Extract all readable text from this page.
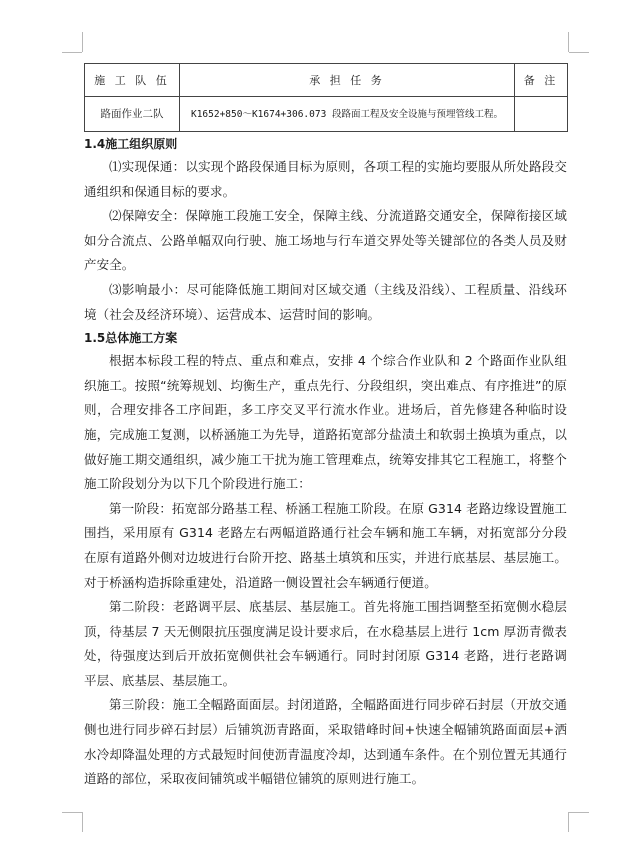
施 工 队 伍	承 担 任 务	备 注
路面作业二队	K1652+850～K1674+306.073 段路面工程及安全设施与预埋管线工程。	
1.4施工组织原则

⑴实现保通：以实现个路段保通目标为原则，各项工程的实施均要服从所处路段交通组织和保通目标的要求。

⑵保障安全：保障施工段施工安全，保障主线、分流道路交通安全，保障衔接区域如分合流点、公路单幅双向行驶、施工场地与行车道交界处等关键部位的各类人员及财产安全。

⑶影响最小：尽可能降低施工期间对区域交通（主线及沿线）、工程质量、沿线环境（社会及经济环境）、运营成本、运营时间的影响。

1.5总体施工方案

根据本标段工程的特点、重点和难点，安排 4 个综合作业队和 2 个路面作业队组织施工。按照“统筹规划、均衡生产，重点先行、分段组织，突出难点、有序推进”的原则，合理安排各工序间距，多工序交叉平行流水作业。进场后，首先修建各种临时设施，完成施工复测，以桥涵施工为先导，道路拓宽部分盐渍土和软弱土换填为重点，以做好施工期交通组织，减少施工干扰为施工管理难点，统筹安排其它工程施工，将整个施工阶段划分为以下几个阶段进行施工：

第一阶段：拓宽部分路基工程、桥涵工程施工阶段。在原 G314 老路边缘设置施工围挡，采用原有 G314 老路左右两幅道路通行社会车辆和施工车辆，对拓宽部分分段在原有道路外侧对边坡进行台阶开挖、路基土填筑和压实，并进行底基层、基层施工。对于桥涵构造拆除重建处，沿道路一侧设置社会车辆通行便道。

第二阶段：老路调平层、底基层、基层施工。首先将施工围挡调整至拓宽侧水稳层顶，待基层 7 天无侧限抗压强度满足设计要求后，在水稳基层上进行 1cm 厚沥青微表处，待强度达到后开放拓宽侧供社会车辆通行。同时封闭原 G314 老路，进行老路调平层、底基层、基层施工。

第三阶段：施工全幅路面面层。封闭道路，全幅路面进行同步碎石封层（开放交通侧也进行同步碎石封层）后铺筑沥青路面，采取错峰时间+快速全幅铺筑路面面层+洒水冷却降温处理的方式最短时间使沥青温度冷却，达到通车条件。在个别位置无其通行道路的部位，采取夜间铺筑或半幅错位铺筑的原则进行施工。
